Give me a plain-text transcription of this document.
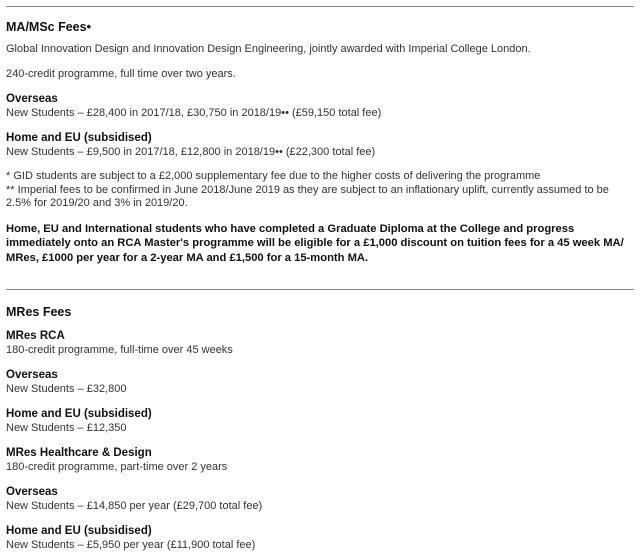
MA/MSc Fees•

Global Innovation Design and Innovation Design Engineering, jointly awarded with Imperial College London.

240-credit programme, full time over two years.

Overseas

New Students – £28,400 in 2017/18, £30,750 in 2018/19•• (£59,150 total fee)

Home and EU (subsidised)

New Students – £9,500 in 2017/18, £12,800 in 2018/19•• (£22,300 total fee)

* GID students are subject to a £2,000 supplementary fee due to the higher costs of delivering the programme

** Imperial fees to be confirmed in June 2018/June 2019 as they are subject to an inflationary uplift, currently assumed to be 2.5% for 2019/20 and 3% in 2019/20.

Home, EU and International students who have completed a Graduate Diploma at the College and progress immediately onto an RCA Master's programme will be eligible for a £1,000 discount on tuition fees for a 45 week MA/ MRes, £1000 per year for a 2-year MA and £1,500 for a 15-month MA.

MRes Fees
MRes RCA

180-credit programme, full-time over 45 weeks

Overseas

New Students – £32,800

Home and EU (subsidised)

New Students – £12,350

MRes Healthcare & Design

180-credit programme, part-time over 2 years

Overseas

New Students – £14,850 per year (£29,700 total fee)

Home and EU (subsidised)

New Students – £5,950 per year (£11,900 total fee)
